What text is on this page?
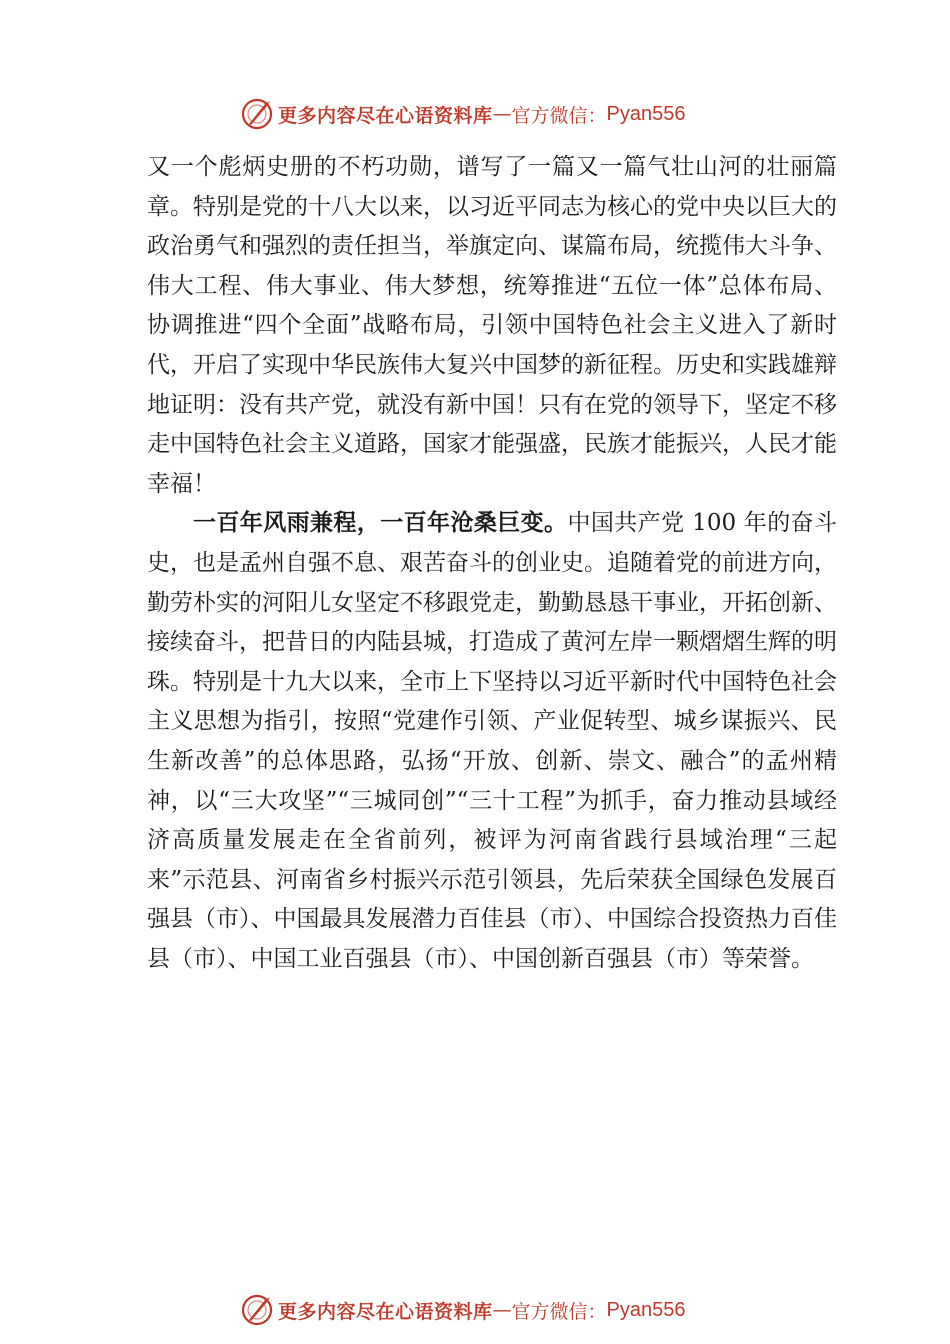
更多内容尽在心语资料库 — 官方微信： Pyan556

又一个彪炳史册的不朽功勋，谱写了一篇又一篇气壮山河的壮丽篇章。特别是党的十八大以来，以习近平同志为核心的党中央以巨大的政治勇气和强烈的责任担当，举旗定向、谋篇布局，统揽伟大斗争、伟大工程、伟大事业、伟大梦想，统筹推进“五位一体”总体布局、协调推进“四个全面”战略布局，引领中国特色社会主义进入了新时代，开启了实现中华民族伟大复兴中国梦的新征程。历史和实践雄辩地证明：没有共产党，就没有新中国！只有在党的领导下，坚定不移走中国特色社会主义道路，国家才能强盛，民族才能振兴，人民才能幸福！

一百年风雨兼程，一百年沧桑巨变。中国共产党 100 年的奋斗史，也是孟州自强不息、艰苦奋斗的创业史。追随着党的前进方向，勤劳朴实的河阳儿女坚定不移跟党走，勤勤恳恳干事业，开拓创新、接续奋斗，把昔日的内陆县城，打造成了黄河左岸一颗熠熠生辉的明珠。特别是十九大以来，全市上下坚持以习近平新时代中国特色社会主义思想为指引，按照“党建作引领、产业促转型、城乡谋振兴、民生新改善”的总体思路，弘扬“开放、创新、崇文、融合”的孟州精神，以“三大攻坚”“三城同创”“三十工程”为抓手，奋力推动县域经济高质量发展走在全省前列，被评为河南省践行县域治理“三起来”示范县、河南省乡村振兴示范引领县，先后荣获全国绿色发展百强县（市）、中国最具发展潜力百佳县（市）、中国综合投资热力百佳县（市）、中国工业百强县（市）、中国创新百强县（市）等荣誉。

更多内容尽在心语资料库 — 官方微信： Pyan556
